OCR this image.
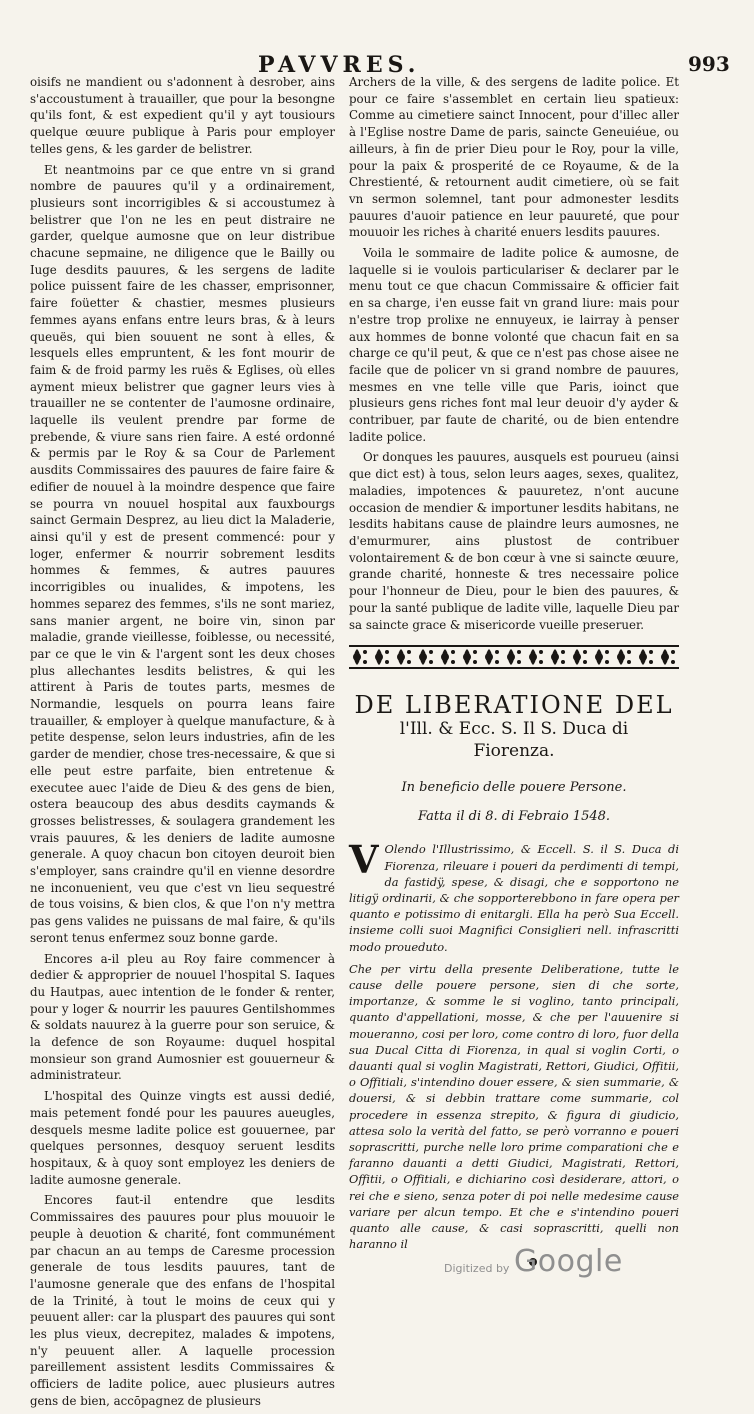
PAVVRES.	993

oisifs ne mandient ou s'adonnent à desrober, ains s'accoustument à trauailler, que pour la besongne qu'ils font, & est expedient qu'il y ayt tousiours quelque œuure publique à Paris pour employer telles gens, & les garder de belistrer.

Et neantmoins par ce que entre vn si grand nombre de pauures qu'il y a ordinairement, plusieurs sont incorrigibles & si accoustumez à belistrer que l'on ne les en peut distraire ne garder, quelque aumosne que on leur distribue chacune sepmaine, ne diligence que le Bailly ou Iuge desdits pauures, & les sergens de ladite police puissent faire de les chasser, emprisonner, faire foüetter & chastier, mesmes plusieurs femmes ayans enfans entre leurs bras, & à leurs queuës, qui bien souuent ne sont à elles, & lesquels elles empruntent, & les font mourir de faim & de froid parmy les ruës & Eglises, où elles ayment mieux belistrer que gagner leurs vies à trauailler ne se contenter de l'aumosne ordinaire, laquelle ils veulent prendre par forme de prebende, & viure sans rien faire. A esté ordonné & permis par le Roy & sa Cour de Parlement ausdits Commissaires des pauures de faire faire & edifier de nouuel à la moindre despence que faire se pourra vn nouuel hospital aux fauxbourgs sainct Germain Desprez, au lieu dict la Maladerie, ainsi qu'il y est de present commencé: pour y loger, enfermer & nourrir sobrement lesdits hommes & femmes, & autres pauures incorrigibles ou inualides, & impotens, les hommes separez des femmes, s'ils ne sont mariez, sans manier argent, ne boire vin, sinon par maladie, grande vieillesse, foiblesse, ou necessité, par ce que le vin & l'argent sont les deux choses plus allechantes lesdits belistres, & qui les attirent à Paris de toutes parts, mesmes de Normandie, lesquels on pourra leans faire trauailler, & employer à quelque manufacture, & à petite despense, selon leurs industries, afin de les garder de mendier, chose tres-necessaire, & que si elle peut estre parfaite, bien entretenue & executee auec l'aide de Dieu & des gens de bien, ostera beaucoup des abus desdits caymands & grosses belistresses, & soulagera grandement les vrais pauures, & les deniers de ladite aumosne generale. A quoy chacun bon citoyen deuroit bien s'employer, sans craindre qu'il en vienne desordre ne inconuenient, veu que c'est vn lieu sequestré de tous voisins, & bien clos, & que l'on n'y mettra pas gens valides ne puissans de mal faire, & qu'ils seront tenus enfermez souz bonne garde.

Encores a-il pleu au Roy faire commencer à dedier & approprier de nouuel l'hospital S. Iaques du Hautpas, auec intention de le fonder & renter, pour y loger & nourrir les pauures Gentilshommes & soldats nauurez à la guerre pour son seruice, & la defence de son Royaume: duquel hospital monsieur son grand Aumosnier est gouuerneur & administrateur.

L'hospital des Quinze vingts est aussi dedié, mais petement fondé pour les pauures aueugles, desquels mesme ladite police est gouuernee, par quelques personnes, desquoy seruent lesdits hospitaux, & à quoy sont employez les deniers de ladite aumosne generale.

Encores faut-il entendre que lesdits Commissaires des pauures pour plus mouuoir le peuple à deuotion & charité, font communément par chacun an au temps de Caresme procession generale de tous lesdits pauures, tant de l'aumosne generale que des enfans de l'hospital de la Trinité, à tout le moins de ceux qui y peuuent aller: car la pluspart des pauures qui sont les plus vieux, decrepitez, malades & impotens, n'y peuuent aller. A laquelle procession pareillement assistent lesdits Commissaires & officiers de ladite police, auec plusieurs autres gens de bien, accōpagnez de plusieurs

Archers de la ville, & des sergens de ladite police. Et pour ce faire s'assemblet en certain lieu spatieux: Comme au cimetiere sainct Innocent, pour d'illec aller à l'Eglise nostre Dame de paris, saincte Geneuiéue, ou ailleurs, à fin de prier Dieu pour le Roy, pour la ville, pour la paix & prosperité de ce Royaume, & de la Chrestienté, & retournent audit cimetiere, où se fait vn sermon solemnel, tant pour admonester lesdits pauures d'auoir patience en leur pauureté, que pour mouuoir les riches à charité enuers lesdits pauures.

Voila le sommaire de ladite police & aumosne, de laquelle si ie voulois particulariser & declarer par le menu tout ce que chacun Commissaire & officier fait en sa charge, i'en eusse fait vn grand liure: mais pour n'estre trop prolixe ne ennuyeux, ie lairray à penser aux hommes de bonne volonté que chacun fait en sa charge ce qu'il peut, & que ce n'est pas chose aisee ne facile que de policer vn si grand nombre de pauures, mesmes en vne telle ville que Paris, ioinct que plusieurs gens riches font mal leur deuoir d'y ayder & contribuer, par faute de charité, ou de bien entendre ladite police.

Or donques les pauures, ausquels est pourueu (ainsi que dict est) à tous, selon leurs aages, sexes, qualitez, maladies, impotences & pauuretez, n'ont aucune occasion de mendier & importuner lesdits habitans, ne lesdits habitans cause de plaindre leurs aumosnes, ne d'emurmurer, ains plustost de contribuer volontairement & de bon cœur à vne si saincte œuure, grande charité, honneste & tres necessaire police pour l'honneur de Dieu, pour le bien des pauures, & pour la santé publique de ladite ville, laquelle Dieu par sa saincte grace & misericorde vueille preseruer.

DE LIBERATIONE DEL
l'Ill. & Ecc. S. Il S. Duca di
Fiorenza.
In beneficio delle pouere Persone.
Fatta il di 8. di Febraio 1548.

V Olendo l'Illustrissimo, & Eccell. S. il S. Duca di Fiorenza, rileuare i poueri da perdimenti di tempi, da fastidÿ, spese, & disagi, che e sopportono ne litigÿ ordinarii, & che sopporterebbono in fare opera per quanto e potissimo di enitargli. Ella ha però Sua Eccell. insieme colli suoi Magnifici Consiglieri nell. infrascritti modo proueduto.

Che per virtu della presente Deliberatione, tutte le cause delle pouere persone, sien di che sorte, importanze, & somme le si voglino, tanto principali, quanto d'appellationi, mosse, & che per l'auuenire si moueranno, cosi per loro, come contro di loro, fuor della sua Ducal Citta di Fiorenza, in qual si voglin Corti, o dauanti qual si voglin Magistrati, Rettori, Giudici, Offitii, o Offitiali, s'intendino douer essere, & sien summarie, & douersi, & si debbin trattare come summarie, col procedere in essenza strepito, & figura di giudicio, attesa solo la verità del fatto, se però vorranno e poueri soprascritti, purche nelle loro prime comparationi che e faranno dauanti a detti Giudici, Magistrati, Rettori, Offitii, o Offitiali, e dichiarino così desiderare, attori, o rei che e sieno, senza poter di poi nelle medesime cause variare per alcun tempo. Et che e s'intendino poueri quanto alle cause, & casi soprascritti, quelli non haranno il

Digitized by Google
